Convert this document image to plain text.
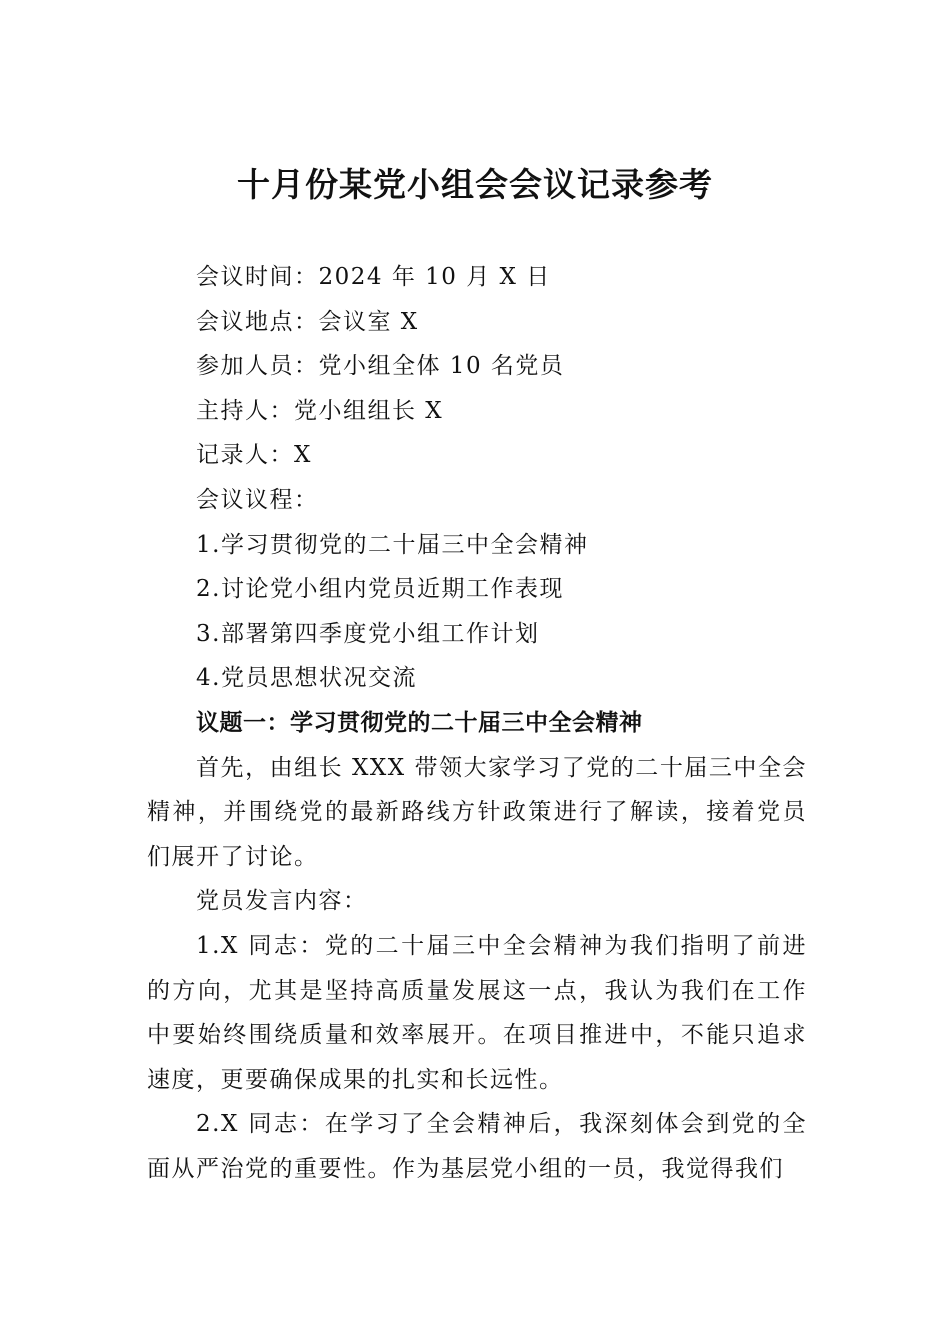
十月份某党小组会会议记录参考
会议时间：2024 年 10 月 X 日
会议地点：会议室 X
参加人员：党小组全体 10 名党员
主持人：党小组组长 X
记录人：X
会议议程：
1.学习贯彻党的二十届三中全会精神
2.讨论党小组内党员近期工作表现
3.部署第四季度党小组工作计划
4.党员思想状况交流
议题一：学习贯彻党的二十届三中全会精神

首先，由组长 XXX 带领大家学习了党的二十届三中全会精神，并围绕党的最新路线方针政策进行了解读，接着党员们展开了讨论。

党员发言内容：

1.X 同志：党的二十届三中全会精神为我们指明了前进的方向，尤其是坚持高质量发展这一点，我认为我们在工作中要始终围绕质量和效率展开。在项目推进中，不能只追求速度，更要确保成果的扎实和长远性。

2.X 同志：在学习了全会精神后，我深刻体会到党的全面从严治党的重要性。作为基层党小组的一员，我觉得我们
